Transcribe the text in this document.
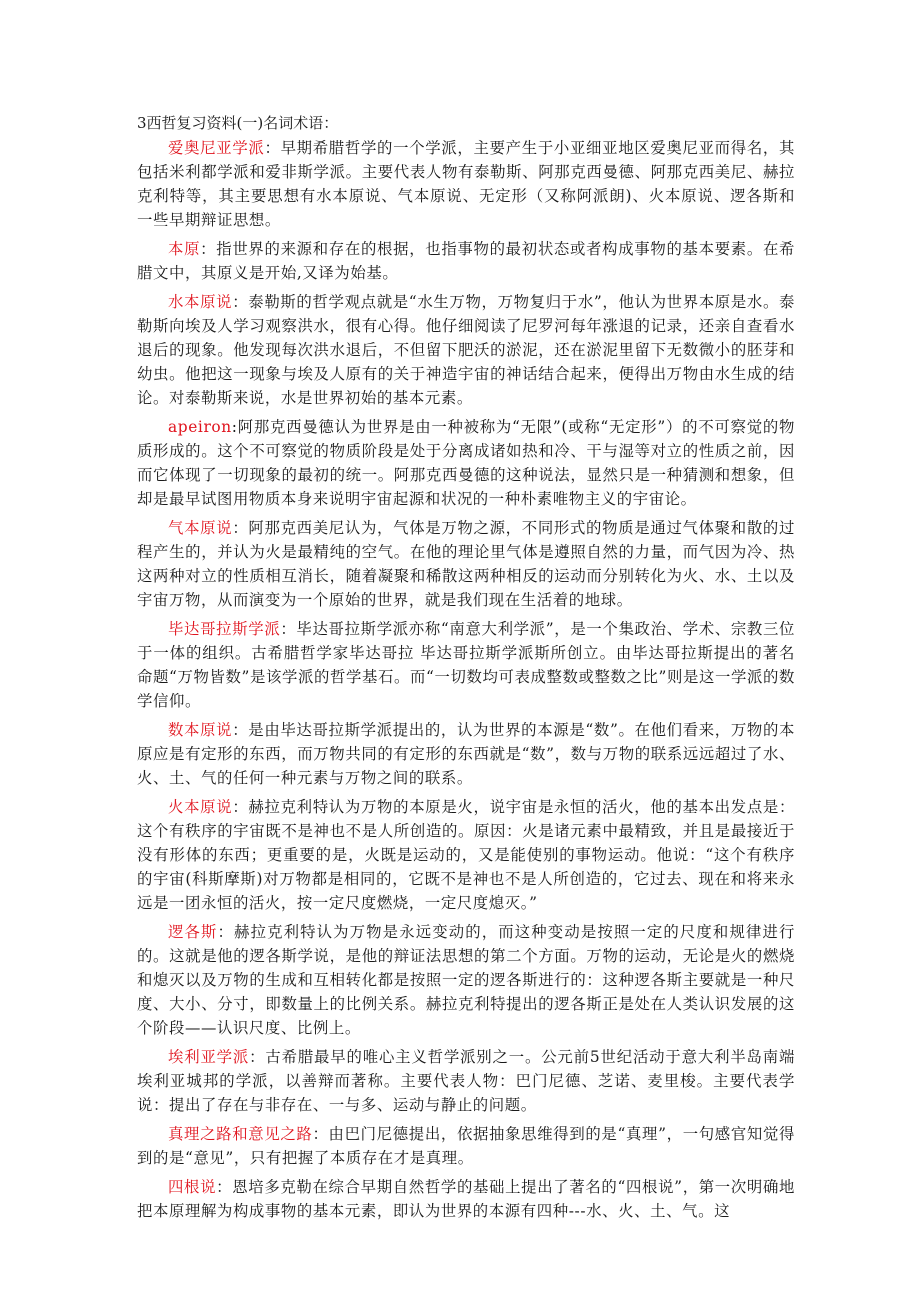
3西哲复习资料(一)名词术语：

爱奥尼亚学派：早期希腊哲学的一个学派，主要产生于小亚细亚地区爱奥尼亚而得名，其包括米利都学派和爱非斯学派。主要代表人物有泰勒斯、阿那克西曼德、阿那克西美尼、赫拉克利特等，其主要思想有水本原说、气本原说、无定形（又称阿派朗)、火本原说、逻各斯和一些早期辩证思想。

本原：指世界的来源和存在的根据，也指事物的最初状态或者构成事物的基本要素。在希腊文中，其原义是开始,又译为始基。

水本原说：泰勒斯的哲学观点就是“水生万物，万物复归于水”，他认为世界本原是水。泰勒斯向埃及人学习观察洪水，很有心得。他仔细阅读了尼罗河每年涨退的记录，还亲自查看水退后的现象。他发现每次洪水退后，不但留下肥沃的淤泥，还在淤泥里留下无数微小的胚芽和幼虫。他把这一现象与埃及人原有的关于神造宇宙的神话结合起来，便得出万物由水生成的结论。对泰勒斯来说，水是世界初始的基本元素。

apeiron:阿那克西曼德认为世界是由一种被称为“无限”(或称“无定形”）的不可察觉的物质形成的。这个不可察觉的物质阶段是处于分离成诸如热和冷、干与湿等对立的性质之前，因而它体现了一切现象的最初的统一。阿那克西曼德的这种说法，显然只是一种猜测和想象，但却是最早试图用物质本身来说明宇宙起源和状况的一种朴素唯物主义的宇宙论。

气本原说：阿那克西美尼认为，气体是万物之源，不同形式的物质是通过气体聚和散的过程产生的，并认为火是最精纯的空气。在他的理论里气体是遵照自然的力量，而气因为冷、热这两种对立的性质相互消长，随着凝聚和稀散这两种相反的运动而分别转化为火、水、土以及宇宙万物，从而演变为一个原始的世界，就是我们现在生活着的地球。

毕达哥拉斯学派：毕达哥拉斯学派亦称“南意大利学派”，是一个集政治、学术、宗教三位于一体的组织。古希腊哲学家毕达哥拉 毕达哥拉斯学派斯所创立。由毕达哥拉斯提出的著名命题“万物皆数”是该学派的哲学基石。而“一切数均可表成整数或整数之比”则是这一学派的数学信仰。

数本原说：是由毕达哥拉斯学派提出的，认为世界的本源是“数”。在他们看来，万物的本原应是有定形的东西，而万物共同的有定形的东西就是“数”，数与万物的联系远远超过了水、火、土、气的任何一种元素与万物之间的联系。

火本原说：赫拉克利特认为万物的本原是火，说宇宙是永恒的活火，他的基本出发点是：这个有秩序的宇宙既不是神也不是人所创造的。原因：火是诸元素中最精致，并且是最接近于没有形体的东西；更重要的是，火既是运动的，又是能使别的事物运动。他说：“这个有秩序的宇宙(科斯摩斯)对万物都是相同的，它既不是神也不是人所创造的，它过去、现在和将来永远是一团永恒的活火，按一定尺度燃烧，一定尺度熄灭。”

逻各斯：赫拉克利特认为万物是永远变动的，而这种变动是按照一定的尺度和规律进行的。这就是他的逻各斯学说，是他的辩证法思想的第二个方面。万物的运动，无论是火的燃烧和熄灭以及万物的生成和互相转化都是按照一定的逻各斯进行的：这种逻各斯主要就是一种尺度、大小、分寸，即数量上的比例关系。赫拉克利特提出的逻各斯正是处在人类认识发展的这个阶段——认识尺度、比例上。

埃利亚学派：古希腊最早的唯心主义哲学派别之一。公元前5世纪活动于意大利半岛南端埃利亚城邦的学派，以善辩而著称。主要代表人物：巴门尼德、芝诺、麦里梭。主要代表学说：提出了存在与非存在、一与多、运动与静止的问题。

真理之路和意见之路：由巴门尼德提出，依据抽象思维得到的是“真理”，一句感官知觉得到的是“意见”，只有把握了本质存在才是真理。

四根说：恩培多克勒在综合早期自然哲学的基础上提出了著名的“四根说”，第一次明确地把本原理解为构成事物的基本元素，即认为世界的本源有四种---水、火、土、气。这
